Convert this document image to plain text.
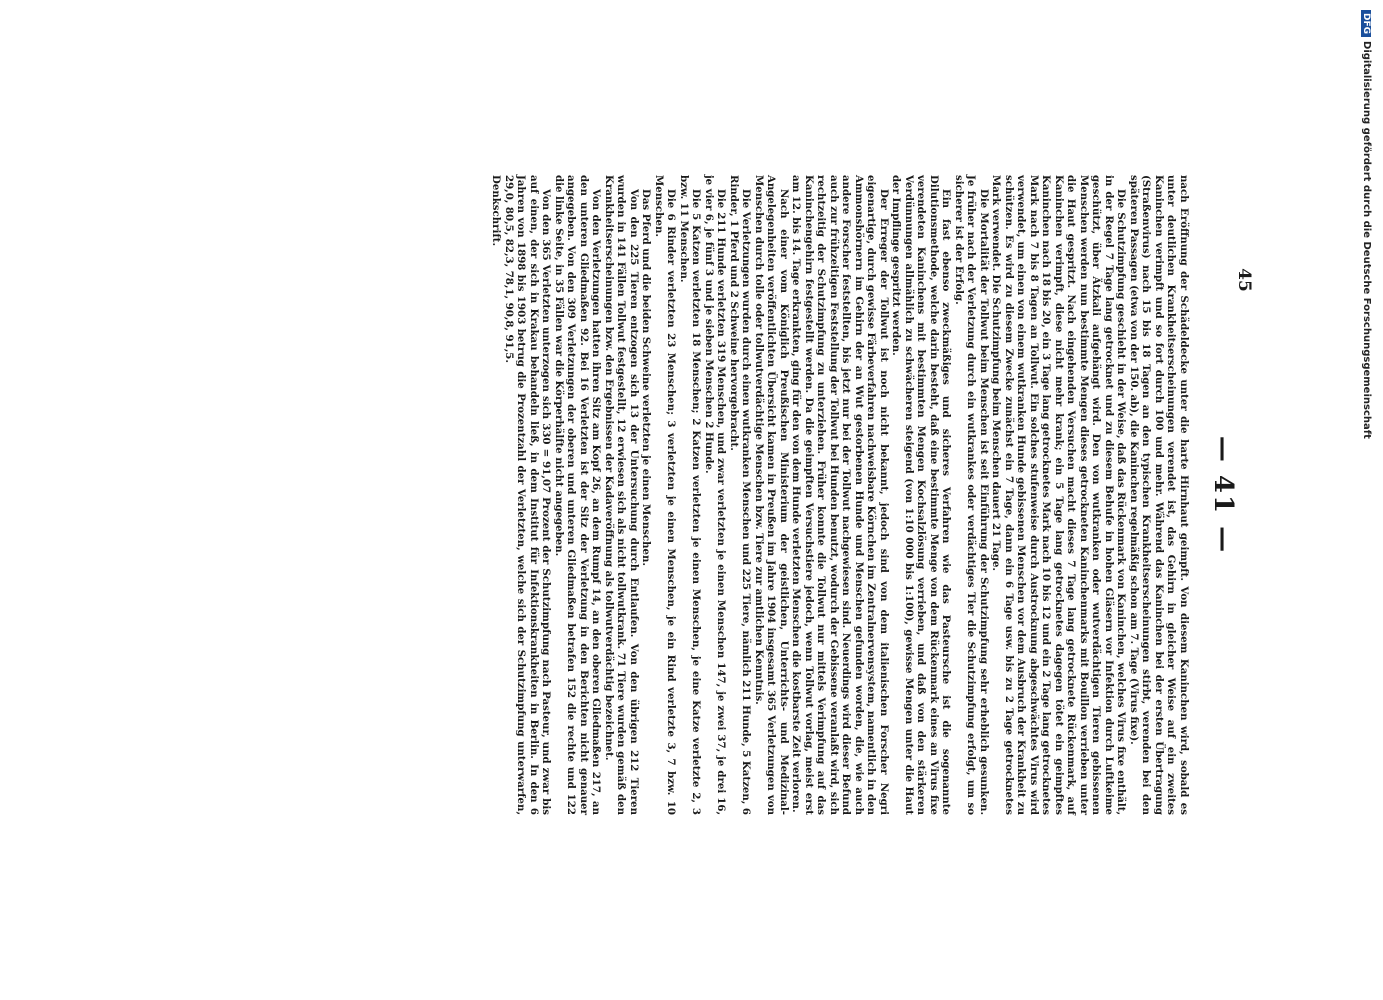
— 41 —

nach Eröffnung der Schädeldecke unter die harte Hirnhaut geimpft. Von diesem Kaninchen wird, sobald es unter deutlichen Krankheitserscheinungen verendet ist, das Gehirn in gleicher Weise auf ein zweites Kaninchen verimpft und so fort durch 100 und mehr. Während das Kaninchen bei der ersten Übertragung (Straßenvirus) nach 15 bis 18 Tagen an den typischen Krankheitserscheinungen stirbt, verenden bei den späteren Passagen (etwa von der 150. ab), die Kaninchen regelmäßig schon am 7. Tage (Virus fixe).

Die Schutzimpfung geschieht in der Weise, daß das Rückenmark von Kaninchen, welches Virus fixe enthält, in der Regel 7 Tage lang getrocknet und zu diesem Behufe in hohen Gläsern vor Infektion durch Luftkeime geschützt, über Ätzkali aufgehängt wird. Den von wutkranken oder wutverdächtigen Tieren gebissenen Menschen werden nun bestimmte Mengen dieses getrockneten Kaninchenmarks mit Bouillon verrieben unter die Haut gespritzt. Nach eingehenden Versuchen macht dieses 7 Tage lang getrocknete Rückenmark, auf Kaninchen verimpft, diese nicht mehr krank; ein 5 Tage lang getrocknetes dagegen tötet ein geimpftes Kaninchen nach 18 bis 20, ein 3 Tage lang getrocknetes Mark nach 10 bis 12 und ein 2 Tage lang getrocknetes Mark nach 7 bis 8 Tagen an Tollwut. Ein solches stufenweise durch Austrocknung abgeschwächtes Virus wird verwendet, um einen von einem wutkranken Hunde gebissenen Menschen vor dem Ausbruch der Krankheit zu schützen. Es wird zu diesem Zwecke zunächst ein 7 Tage, dann ein 6 Tage usw. bis zu 2 Tage getrocknetes Mark verwendet. Die Schutzimpfung beim Menschen dauert 21 Tage.

Die Mortalität der Tollwut beim Menschen ist seit Einführung der Schutzimpfung sehr erheblich gesunken. Je früher nach der Verletzung durch ein wutkrankes oder verdächtiges Tier die Schutzimpfung erfolgt, um so sicherer ist der Erfolg.

Ein fast ebenso zweckmäßiges und sicheres Verfahren wie das Pasteursche ist die sogenannte Dilutionsmethode, welche darin besteht, daß eine bestimmte Menge von dem Rückenmark eines an Virus fixe verendeten Kaninchens mit bestimmten Mengen Kochsalzlösung verrieben, und daß von den stärkeren Verdünnungen allmählich zu schwächeren steigend (von 1:10 000 bis 1:100), gewisse Mengen unter die Haut der Impflinge gespritzt werden.

Der Erreger der Tollwut ist noch nicht bekannt, jedoch sind von dem italienischen Forscher Negri eigenartige, durch gewisse Färbeverfahren nachweisbare Körnchen im Zentralnervensystem, namentlich in den Ammonshörnern im Gehirn der an Wut gestorbenen Hunde und Menschen gefunden worden, die, wie auch andere Forscher feststellten, bis jetzt nur bei der Tollwut nachgewiesen sind. Neuerdings wird dieser Befund auch zur frühzeitigen Feststellung der Tollwut bei Hunden benutzt, wodurch der Gebissene veranlaßt wird, sich rechtzeitig der Schutzimpfung zu unterziehen. Früher konnte die Tollwut nur mittels Verimpfung auf das Kaninchengehirn festgestellt werden. Da die geimpften Versuchstiere jedoch, wenn Tollwut vorlag, meist erst am 12. bis 14. Tage erkrankten, ging für den von dem Hunde verletzten Menschen die kostbarste Zeit verloren.

Nach einer vom Königlich Preußischen Ministerium der geistlichen, Unterrichts- und Medizinal-Angelegenheiten veröffentlichten Übersicht kamen in Preußen im Jahre 1904 insgesamt 365 Verletzungen von Menschen durch tolle oder tollwutverdächtige Menschen bzw. Tiere zur amtlichen Kenntnis.

Die Verletzungen wurden durch einen wutkranken Menschen und 225 Tiere, nämlich 211 Hunde, 5 Katzen, 6 Rinder, 1 Pferd und 2 Schweine hervorgebracht.

Die 211 Hunde verletzten 319 Menschen, und zwar verletzten je einen Menschen 147, je zwei 37, je drei 16, je vier 6, je fünf 3 und je sieben Menschen 2 Hunde.

Die 5 Katzen verletzten 18 Menschen; 2 Katzen verletzten je einen Menschen, je eine Katze verletzte 2, 3 bzw. 11 Menschen.

Die 6 Rinder verletzten 23 Menschen; 3 verletzten je einen Menschen, je ein Rind verletzte 3, 7 bzw. 10 Menschen.

Das Pferd und die beiden Schweine verletzten je einen Menschen.

Von den 225 Tieren entzogen sich 13 der Untersuchung durch Entlaufen. Von den übrigen 212 Tieren wurden in 141 Fällen Tollwut festgestellt, 12 erwiesen sich als nicht tollwutkrank. 71 Tiere wurden gemäß den Krankheitserscheinungen bzw. den Ergebnissen der Kadaveröffnung als tollwutverdächtig bezeichnet.

Von den Verletzungen hatten ihren Sitz am Kopf 26, an dem Rumpf 14, an den oberen Gliedmaßen 217, an den unteren Gliedmaßen 92. Bei 16 Verletzten ist der Sitz der Verletzung in den Berichten nicht genauer angegeben. Von den 309 Verletzungen der oberen und unteren Gliedmaßen betrafen 152 die rechte und 122 die linke Seite, in 35 Fällen war die Körperhälfte nicht angegeben.

Von den 365 Verletzten unterzogen sich 330 = 91,07 Prozent der Schutzimpfung nach Pasteur, und zwar bis auf einen, der sich in Krakau behandeln ließ, in dem Institut für Infektionskrankheiten in Berlin. In den 6 Jahren von 1898 bis 1903 betrug die Prozentzahl der Verletzten, welche sich der Schutzimpfung unterwarfen, 29,0, 80,5, 82,3, 78,1, 90,8, 91,5.

Denkschrift.

45
DFGDigitalisierung gefördert durch die Deutsche Forschungsgemeinschaft
